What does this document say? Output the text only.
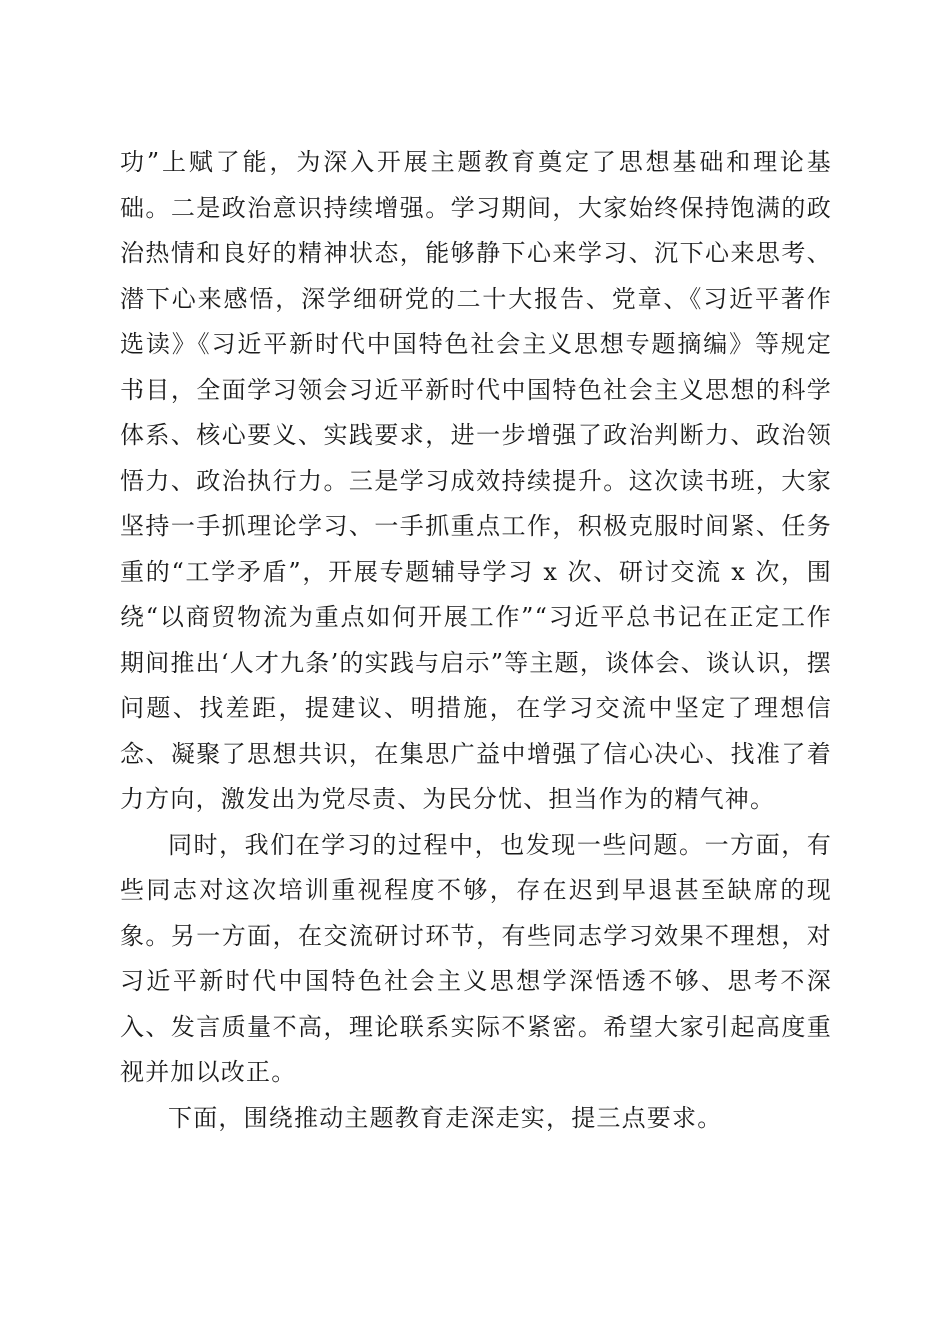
功”上赋了能，为深入开展主题教育奠定了思想基础和理论基础。二是政治意识持续增强。学习期间，大家始终保持饱满的政治热情和良好的精神状态，能够静下心来学习、沉下心来思考、潜下心来感悟，深学细研党的二十大报告、党章、《习近平著作选读》《习近平新时代中国特色社会主义思想专题摘编》等规定书目，全面学习领会习近平新时代中国特色社会主义思想的科学体系、核心要义、实践要求，进一步增强了政治判断力、政治领悟力、政治执行力。三是学习成效持续提升。这次读书班，大家坚持一手抓理论学习、一手抓重点工作，积极克服时间紧、任务重的“工学矛盾”，开展专题辅导学习 x 次、研讨交流 x 次，围绕“以商贸物流为重点如何开展工作”“习近平总书记在正定工作期间推出‘人才九条’的实践与启示”等主题，谈体会、谈认识，摆问题、找差距，提建议、明措施，在学习交流中坚定了理想信念、凝聚了思想共识，在集思广益中增强了信心决心、找准了着力方向，激发出为党尽责、为民分忧、担当作为的精气神。

同时，我们在学习的过程中，也发现一些问题。一方面，有些同志对这次培训重视程度不够，存在迟到早退甚至缺席的现象。另一方面，在交流研讨环节，有些同志学习效果不理想，对习近平新时代中国特色社会主义思想学深悟透不够、思考不深入、发言质量不高，理论联系实际不紧密。希望大家引起高度重视并加以改正。

下面，围绕推动主题教育走深走实，提三点要求。
